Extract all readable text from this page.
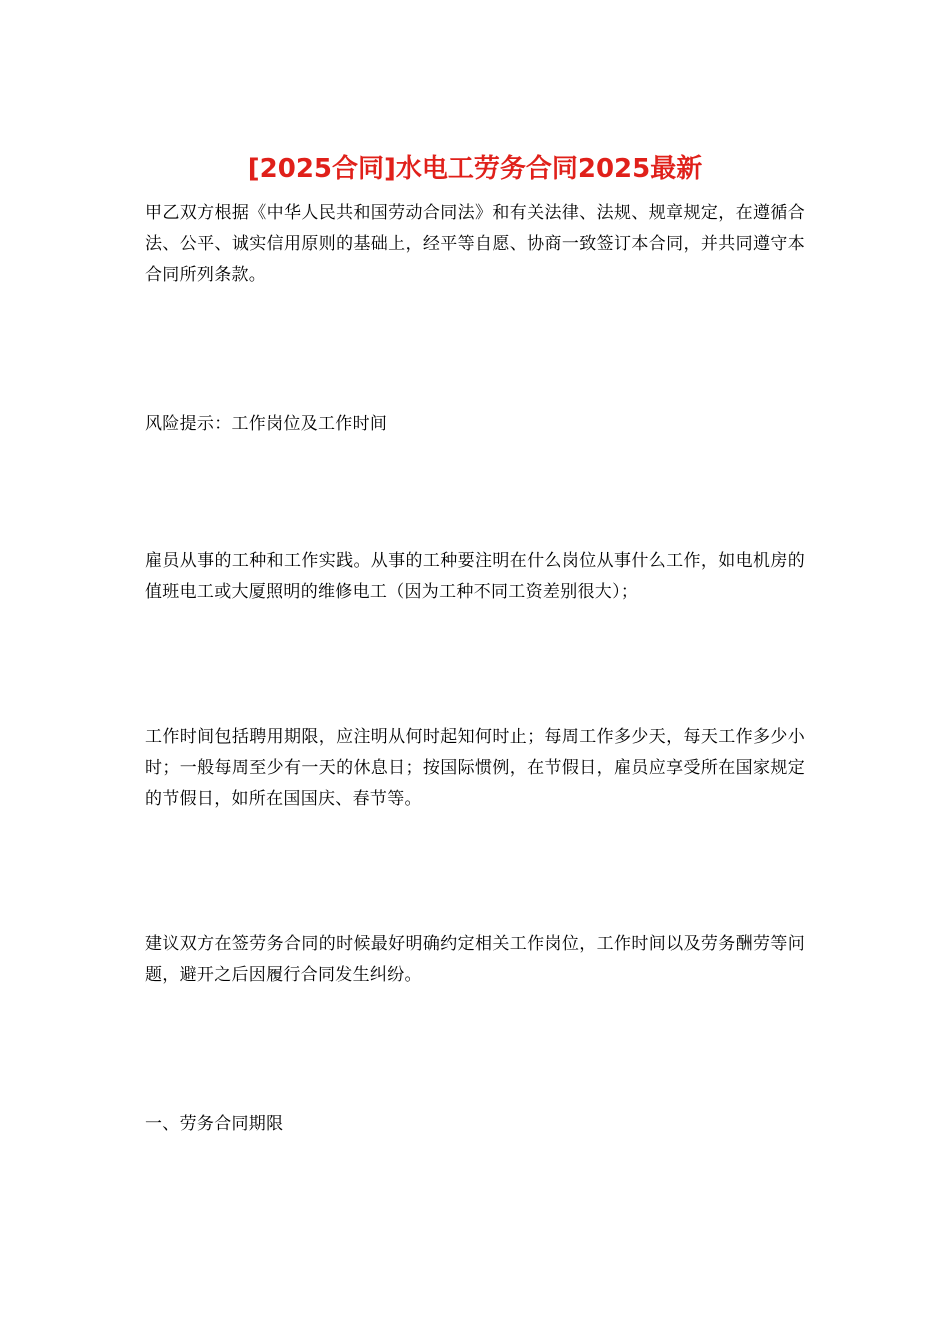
[2025合同]水电工劳务合同2025最新

甲乙双方根据《中华人民共和国劳动合同法》和有关法律、法规、规章规定，在遵循合法、公平、诚实信用原则的基础上，经平等自愿、协商一致签订本合同，并共同遵守本合同所列条款。

风险提示：工作岗位及工作时间

雇员从事的工种和工作实践。从事的工种要注明在什么岗位从事什么工作，如电机房的值班电工或大厦照明的维修电工（因为工种不同工资差别很大）；

工作时间包括聘用期限，应注明从何时起知何时止；每周工作多少天，每天工作多少小时；一般每周至少有一天的休息日；按国际惯例，在节假日，雇员应享受所在国家规定的节假日，如所在国国庆、春节等。

建议双方在签劳务合同的时候最好明确约定相关工作岗位，工作时间以及劳务酬劳等问题，避开之后因履行合同发生纠纷。

一、劳务合同期限
